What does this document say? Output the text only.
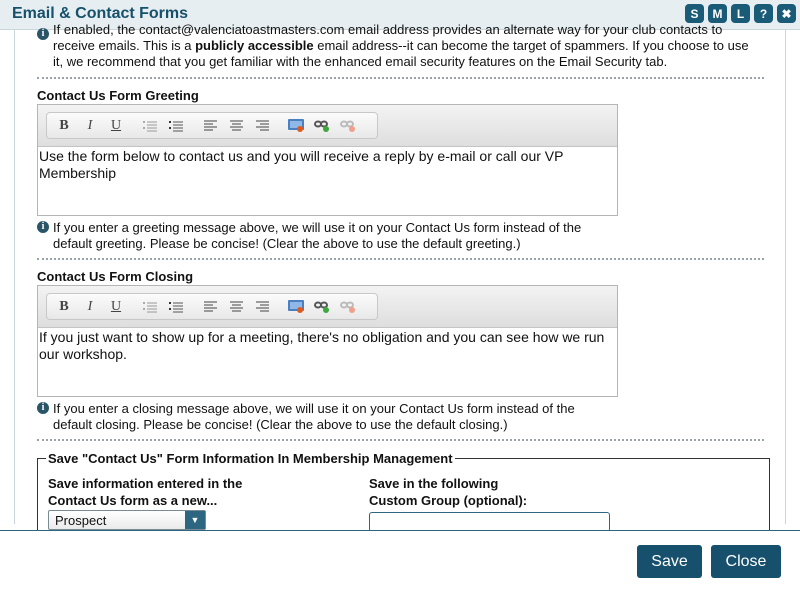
Email & Contact Forms	S	M	L	?	✖
If enabled, the contact@valenciatoastmasters.com email address provides an alternate way for your club contacts to
i
receive emails. This is a publicly accessible email address--it can become the target of spammers. If you choose to use
it, we recommend that you get familiar with the enhanced email security features on the Email Security tab.
Contact Us Form Greeting
B	I	U
Use the form below to contact us and you will receive a reply by e-mail or call our VP Membership
i If you enter a greeting message above, we will use it on your Contact Us form instead of the
default greeting. Please be concise! (Clear the above to use the default greeting.)
Contact Us Form Closing
B	I	U
If you just want to show up for a meeting, there's no obligation and you can see how we run our workshop.
i If you enter a closing message above, we will use it on your Contact Us form instead of the
default closing. Please be concise! (Clear the above to use the default closing.)
Save "Contact Us" Form Information In Membership Management
Save information entered in the
Contact Us form as a new...
Prospect	▼
Save in the following
Custom Group (optional):
Save	Close
